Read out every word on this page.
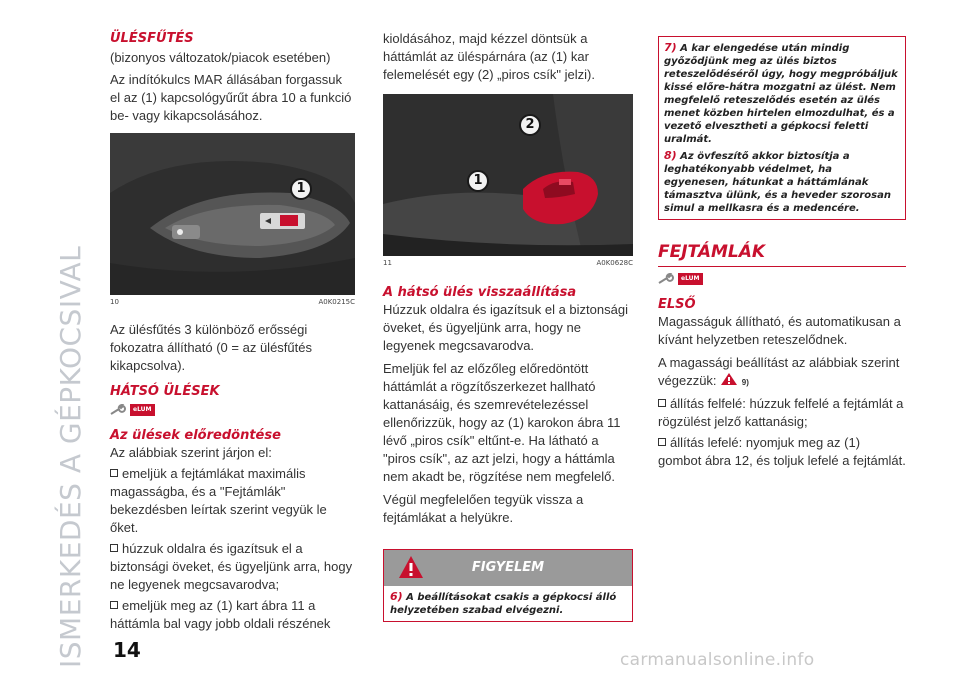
ISMERKEDÉS A GÉPKOCSIVAL
ÜLÉSFŰTÉS
(bizonyos változatok/piacok esetében)
Az indítókulcs MAR állásában forgassuk el az (1) kapcsológyűrűt ábra 10 a funkció be- vagy kikapcsolásához.
1
10	A0K0215C
Az ülésfűtés 3 különböző erősségi fokozatra állítható (0 = az ülésfűtés kikapcsolva).
HÁTSÓ ÜLÉSEK
eLUM
Az ülések előredöntése
Az alábbiak szerint járjon el:
emeljük a fejtámlákat maximális magasságba, és a "Fejtámlák" bekezdésben leírtak szerint vegyük le őket.
húzzuk oldalra és igazítsuk el a biztonsági öveket, és ügyeljünk arra, hogy ne legyenek megcsavarodva;
emeljük meg az (1) kart ábra 11 a háttámla bal vagy jobb oldali részének
kioldásához, majd kézzel döntsük a háttámlát az üléspárnára (az (1) kar felemelését egy (2) „piros csík" jelzi).
1
2
11	A0K0628C
A hátsó ülés visszaállítása
Húzzuk oldalra és igazítsuk el a biztonsági öveket, és ügyeljünk arra, hogy ne legyenek megcsavarodva.
Emeljük fel az előzőleg előredöntött háttámlát a rögzítőszerkezet hallható kattanásáig, és szemrevételezéssel ellenőrizzük, hogy az (1) karokon ábra 11 lévő „piros csík" eltűnt-e. Ha látható a "piros csík", az azt jelzi, hogy a háttámla nem akadt be, rögzítése nem megfelelő.
Végül megfelelően tegyük vissza a fejtámlákat a helyükre.
FIGYELEM
6) A beállításokat csakis a gépkocsi álló helyzetében szabad elvégezni.
7) A kar elengedése után mindig győződjünk meg az ülés biztos reteszelődéséről úgy, hogy megpróbáljuk kissé előre-hátra mozgatni az ülést. Nem megfelelő reteszelődés esetén az ülés menet közben hirtelen elmozdulhat, és a vezető elvesztheti a gépkocsi feletti uralmát.
8) Az övfeszítő akkor biztosítja a leghatékonyabb védelmet, ha egyenesen, hátunkat a háttámlának támasztva ülünk, és a heveder szorosan simul a mellkasra és a medencére.
FEJTÁMLÁK
eLUM
ELSŐ
Magasságuk állítható, és automatikusan a kívánt helyzetben reteszelődnek.
A magassági beállítást az alábbiak szerint végezzük:	9)
állítás felfelé: húzzuk felfelé a fejtámlát a rögzülést jelző kattanásig;
állítás lefelé: nyomjuk meg az (1) gombot ábra 12, és toljuk lefelé a fejtámlát.
14	carmanualsonline.info
